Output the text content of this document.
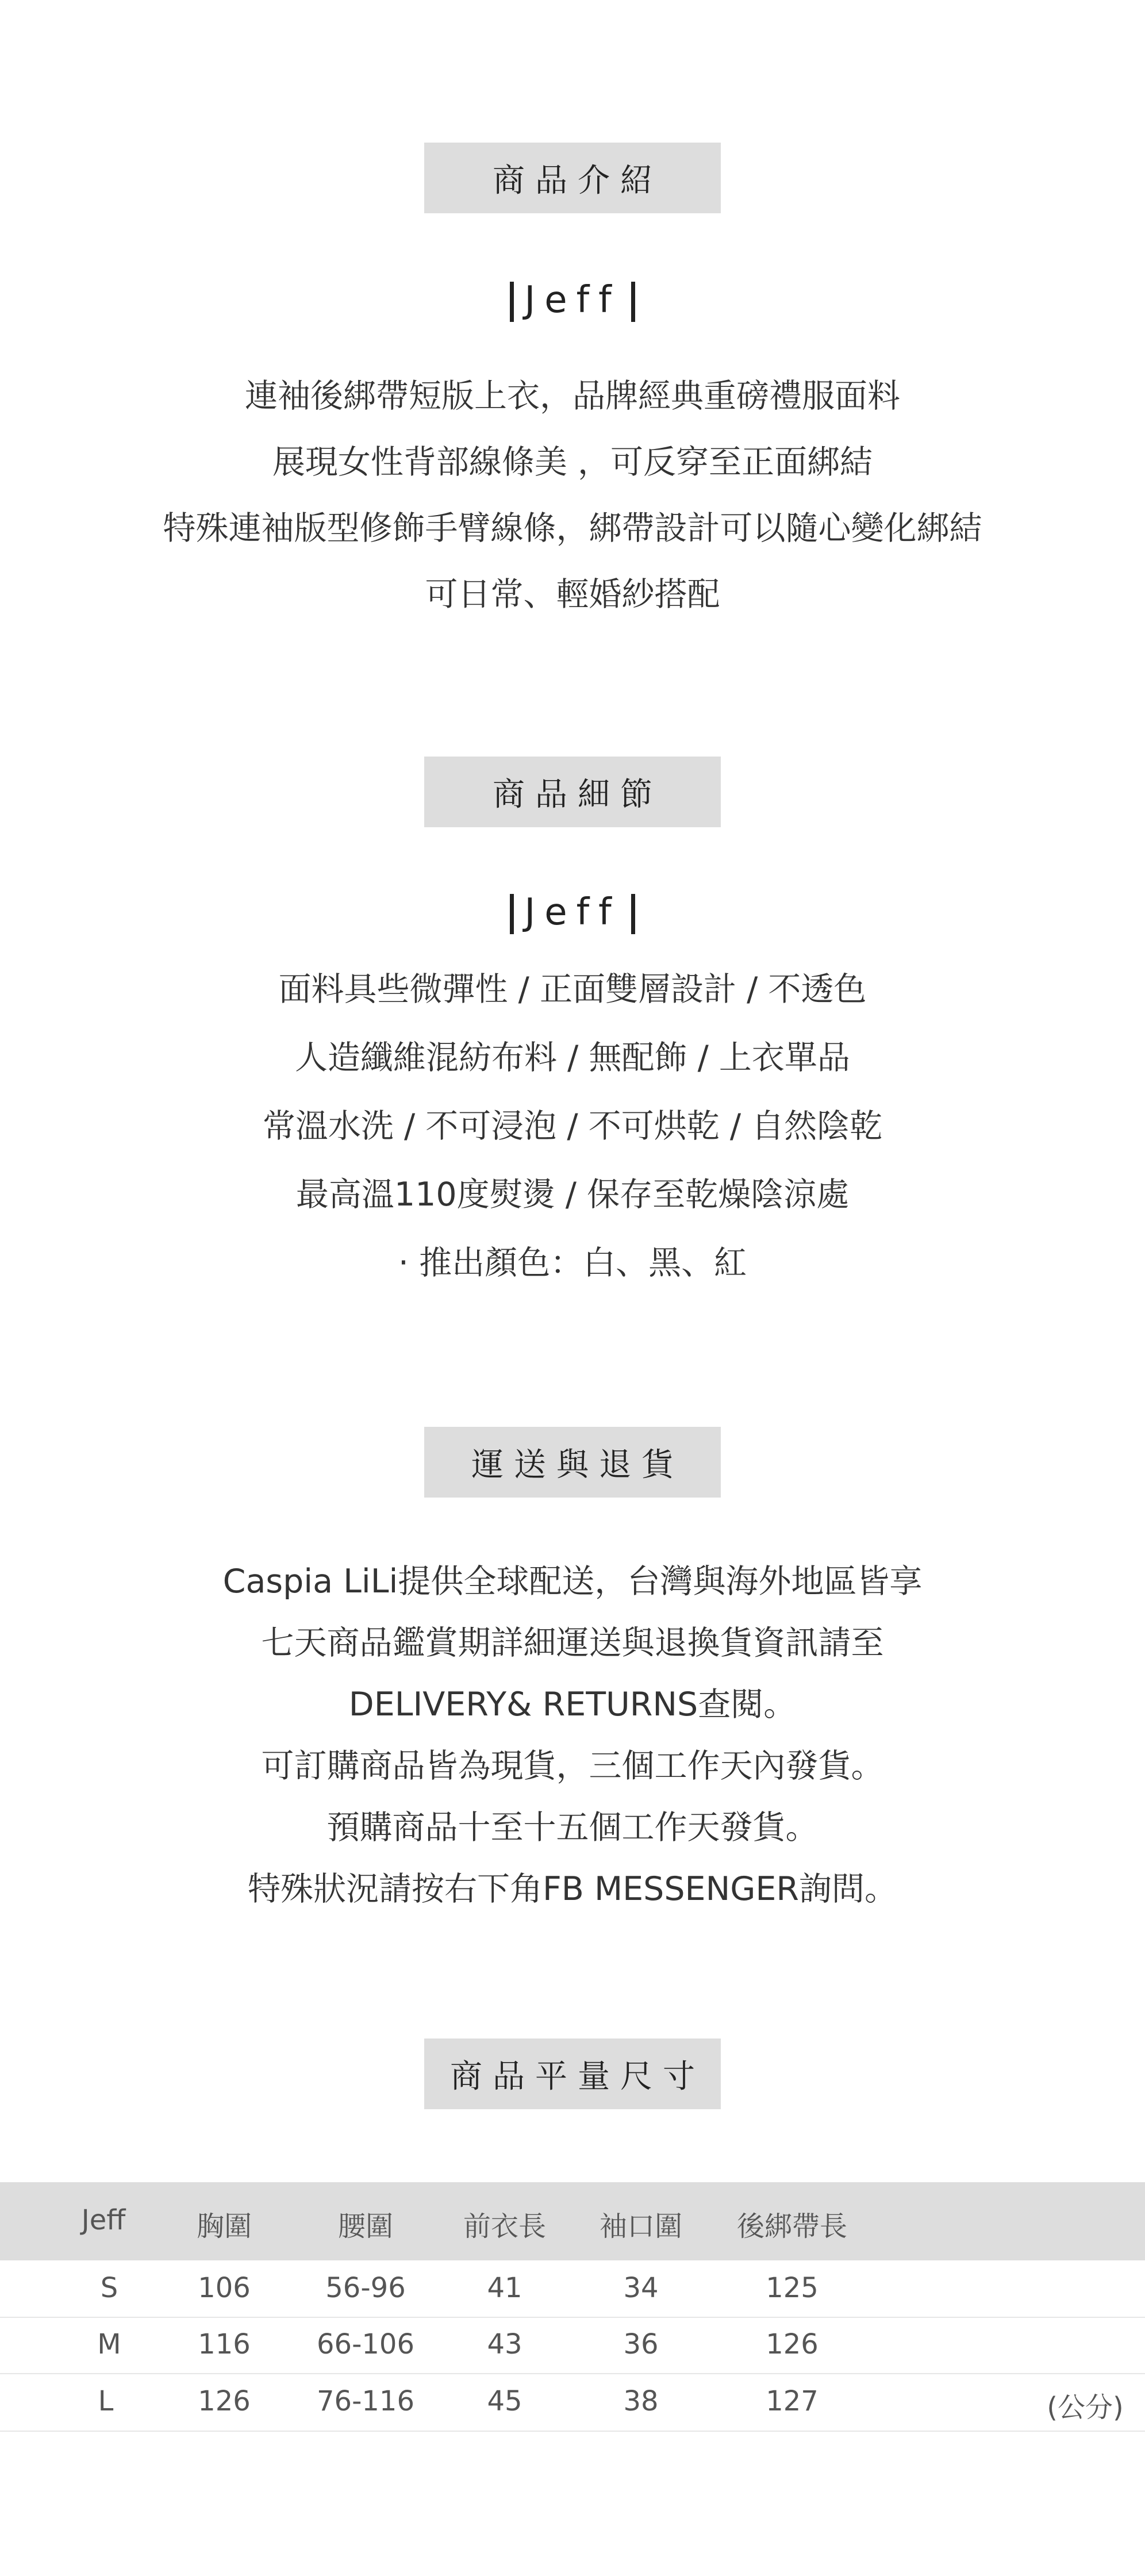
商品介紹
Jeff
連袖後綁帶短版上衣，品牌經典重磅禮服面料
展現女性背部線條美 ，可反穿至正面綁結
特殊連袖版型修飾手臂線條，綁帶設計可以隨心變化綁結
可日常、輕婚紗搭配
商品細節
Jeff
面料具些微彈性 / 正面雙層設計 / 不透色
人造纖維混紡布料 / 無配飾 / 上衣單品
常溫水洗 / 不可浸泡 / 不可烘乾 / 自然陰乾
最高溫110度熨燙 / 保存至乾燥陰涼處
· 推出顏色：白、黑、紅
運送與退貨
Caspia LiLi提供全球配送，台灣與海外地區皆享
七天商品鑑賞期詳細運送與退換貨資訊請至
DELIVERY& RETURNS查閱。
可訂購商品皆為現貨，三個工作天內發貨。
預購商品十至十五個工作天發貨。
特殊狀況請按右下角FB MESSENGER詢問。
商品平量尺寸
Jeff	胸圍	腰圍	前衣長 袖口圍 後綁帶長
S	106	56-96	41	34	125
M	116 66-106	43	36	126
L	126 76-116	45	38	127	(公分)
